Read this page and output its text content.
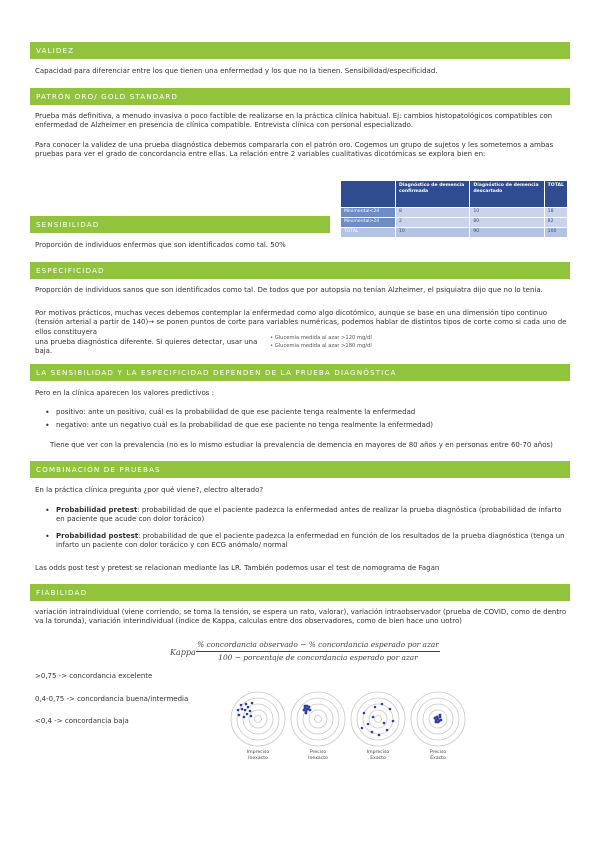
VALIDEZ
Capacidad para diferenciar entre los que tienen una enfermedad y los que no la tienen. Sensibilidad/especificidad.
PATRÓN ORO/ GOLD STANDARD
Prueba más definitiva, a menudo invasiva o poco factible de realizarse en la práctica clínica habitual. Ej: cambios histopatológicos compatibles con enfermedad de Alzheimer en presencia de clínica compatible. Entrevista clínica con personal especializado.
Para conocer la validez de una prueba diagnóstica debemos compararla con el patrón oro. Cogemos un grupo de sujetos y les sometemos a ambas pruebas para ver el grado de concordancia entre ellas. La relación entre 2 variables cualitativas dicotómicas se explora bien en:
	Diagnóstico de demencia confirmada	Diagnóstico de demencia descartado	TOTAL
Minimental<24	8	10	18
Minimental>24	2	80	82
TOTAL	10	90	100
SENSIBILIDAD
Proporción de individuos enfermos que son identificados como tal. 50%
ESPECIFICIDAD
Proporción de individuos sanos que son identificados como tal. De todos que por autopsia no tenían Alzheimer, el psiquiatra dijo que no lo tenía.
Por motivos prácticos, muchas veces debemos contemplar la enfermedad como algo dicotómico, aunque se base en una dimensión tipo continuo (tensión arterial a partir de 140)→ se ponen puntos de corte para variables numéricas, podemos hablar de distintos tipos de corte como si cada uno de ellos constituyera
una prueba diagnóstica diferente. Si quieres detectar, usar una baja.
• Glucemia medida al azar >120 mg/dl
• Glucemia medida al azar >180 mg/dl
LA SENSIBILIDAD Y LA ESPECIFICIDAD DEPENDEN DE LA PRUEBA DIAGNÓSTICA
Pero en la clínica aparecen los valores predictivos :
• positivo: ante un positivo, cuál es la probabilidad de que ese paciente tenga realmente la enfermedad
• negativo: ante un negativo cuál es la probabilidad de que ese paciente no tenga realmente la enfermedad)
Tiene que ver con la prevalencia (no es lo mismo estudiar la prevalencia de demencia en mayores de 80 años y en personas entre 60-70 años)
COMBINACIÓN DE PRUEBAS
En la práctica clínica pregunta ¿por qué viene?, electro alterado?
• Probabilidad pretest: probabilidad de que el paciente padezca la enfermedad antes de realizar la prueba diagnóstica (probabilidad de infarto en paciente que acude con dolor torácico)
• Probabilidad postest: probabilidad de que el paciente padezca la enfermedad en función de los resultados de la prueba diagnóstica (tenga un infarto un paciente con dolor torácico y con ECG anómalo/ normal
Las odds post test y pretest se relacionan mediante las LR. También podemos usar el test de nomograma de Fagan
FIABILIDAD
variación intraindividual (viene corriendo, se toma la tensión, se espera un rato, valorar), variación intraobservador (prueba de COVID, como de dentro va la torunda), variación interindividual (índice de Kappa, calculas entre dos observadores, como de bien hace uno uotro)
Kappa
% concordancia observado − % concordancia esperado por azar
100 − porcentaje de concordancia esperado por azar
>0,75 -> concordancia excelente
0,4-0,75 -> concordancia buena/intermedia
<0,4 -> concordancia baja
Impreciso
Inexacto
Preciso
Inexacto
Impreciso
Exacto
Preciso
Exacto
